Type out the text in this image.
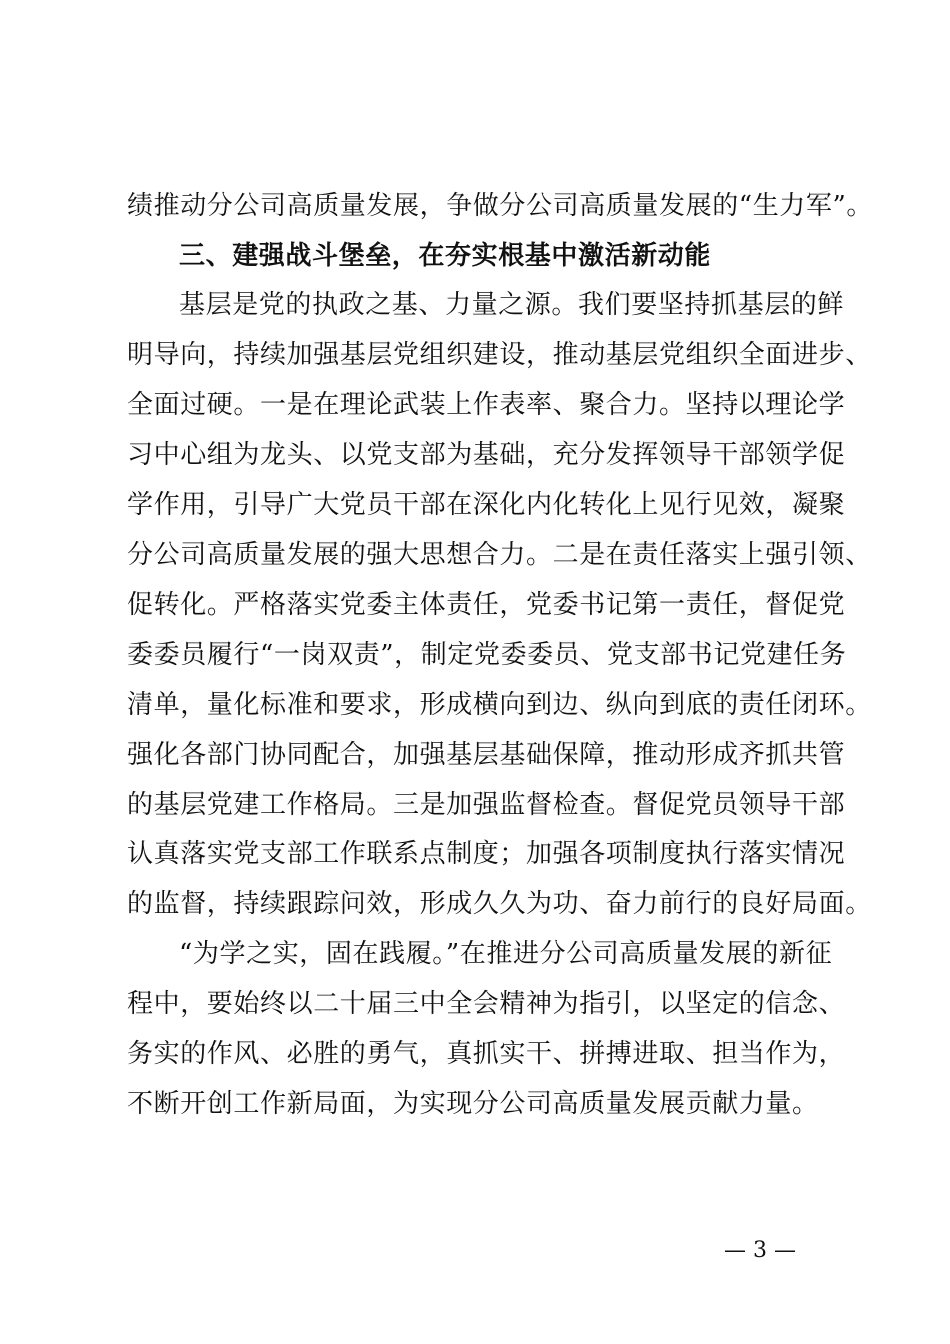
绩推动分公司高质量发展，争做分公司高质量发展的“生力军”。
三、建强战斗堡垒，在夯实根基中激活新动能
基层是党的执政之基、力量之源。我们要坚持抓基层的鲜
明导向，持续加强基层党组织建设，推动基层党组织全面进步、
全面过硬。一是在理论武装上作表率、聚合力。坚持以理论学
习中心组为龙头、以党支部为基础，充分发挥领导干部领学促
学作用，引导广大党员干部在深化内化转化上见行见效，凝聚
分公司高质量发展的强大思想合力。二是在责任落实上强引领、
促转化。严格落实党委主体责任，党委书记第一责任，督促党
委委员履行“一岗双责”，制定党委委员、党支部书记党建任务
清单，量化标准和要求，形成横向到边、纵向到底的责任闭环。
强化各部门协同配合，加强基层基础保障，推动形成齐抓共管
的基层党建工作格局。三是加强监督检查。督促党员领导干部
认真落实党支部工作联系点制度；加强各项制度执行落实情况
的监督，持续跟踪问效，形成久久为功、奋力前行的良好局面。
“为学之实，固在践履。”在推进分公司高质量发展的新征
程中，要始终以二十届三中全会精神为指引，以坚定的信念、
务实的作风、必胜的勇气，真抓实干、拼搏进取、担当作为，
不断开创工作新局面，为实现分公司高质量发展贡献力量。
— 3 —
